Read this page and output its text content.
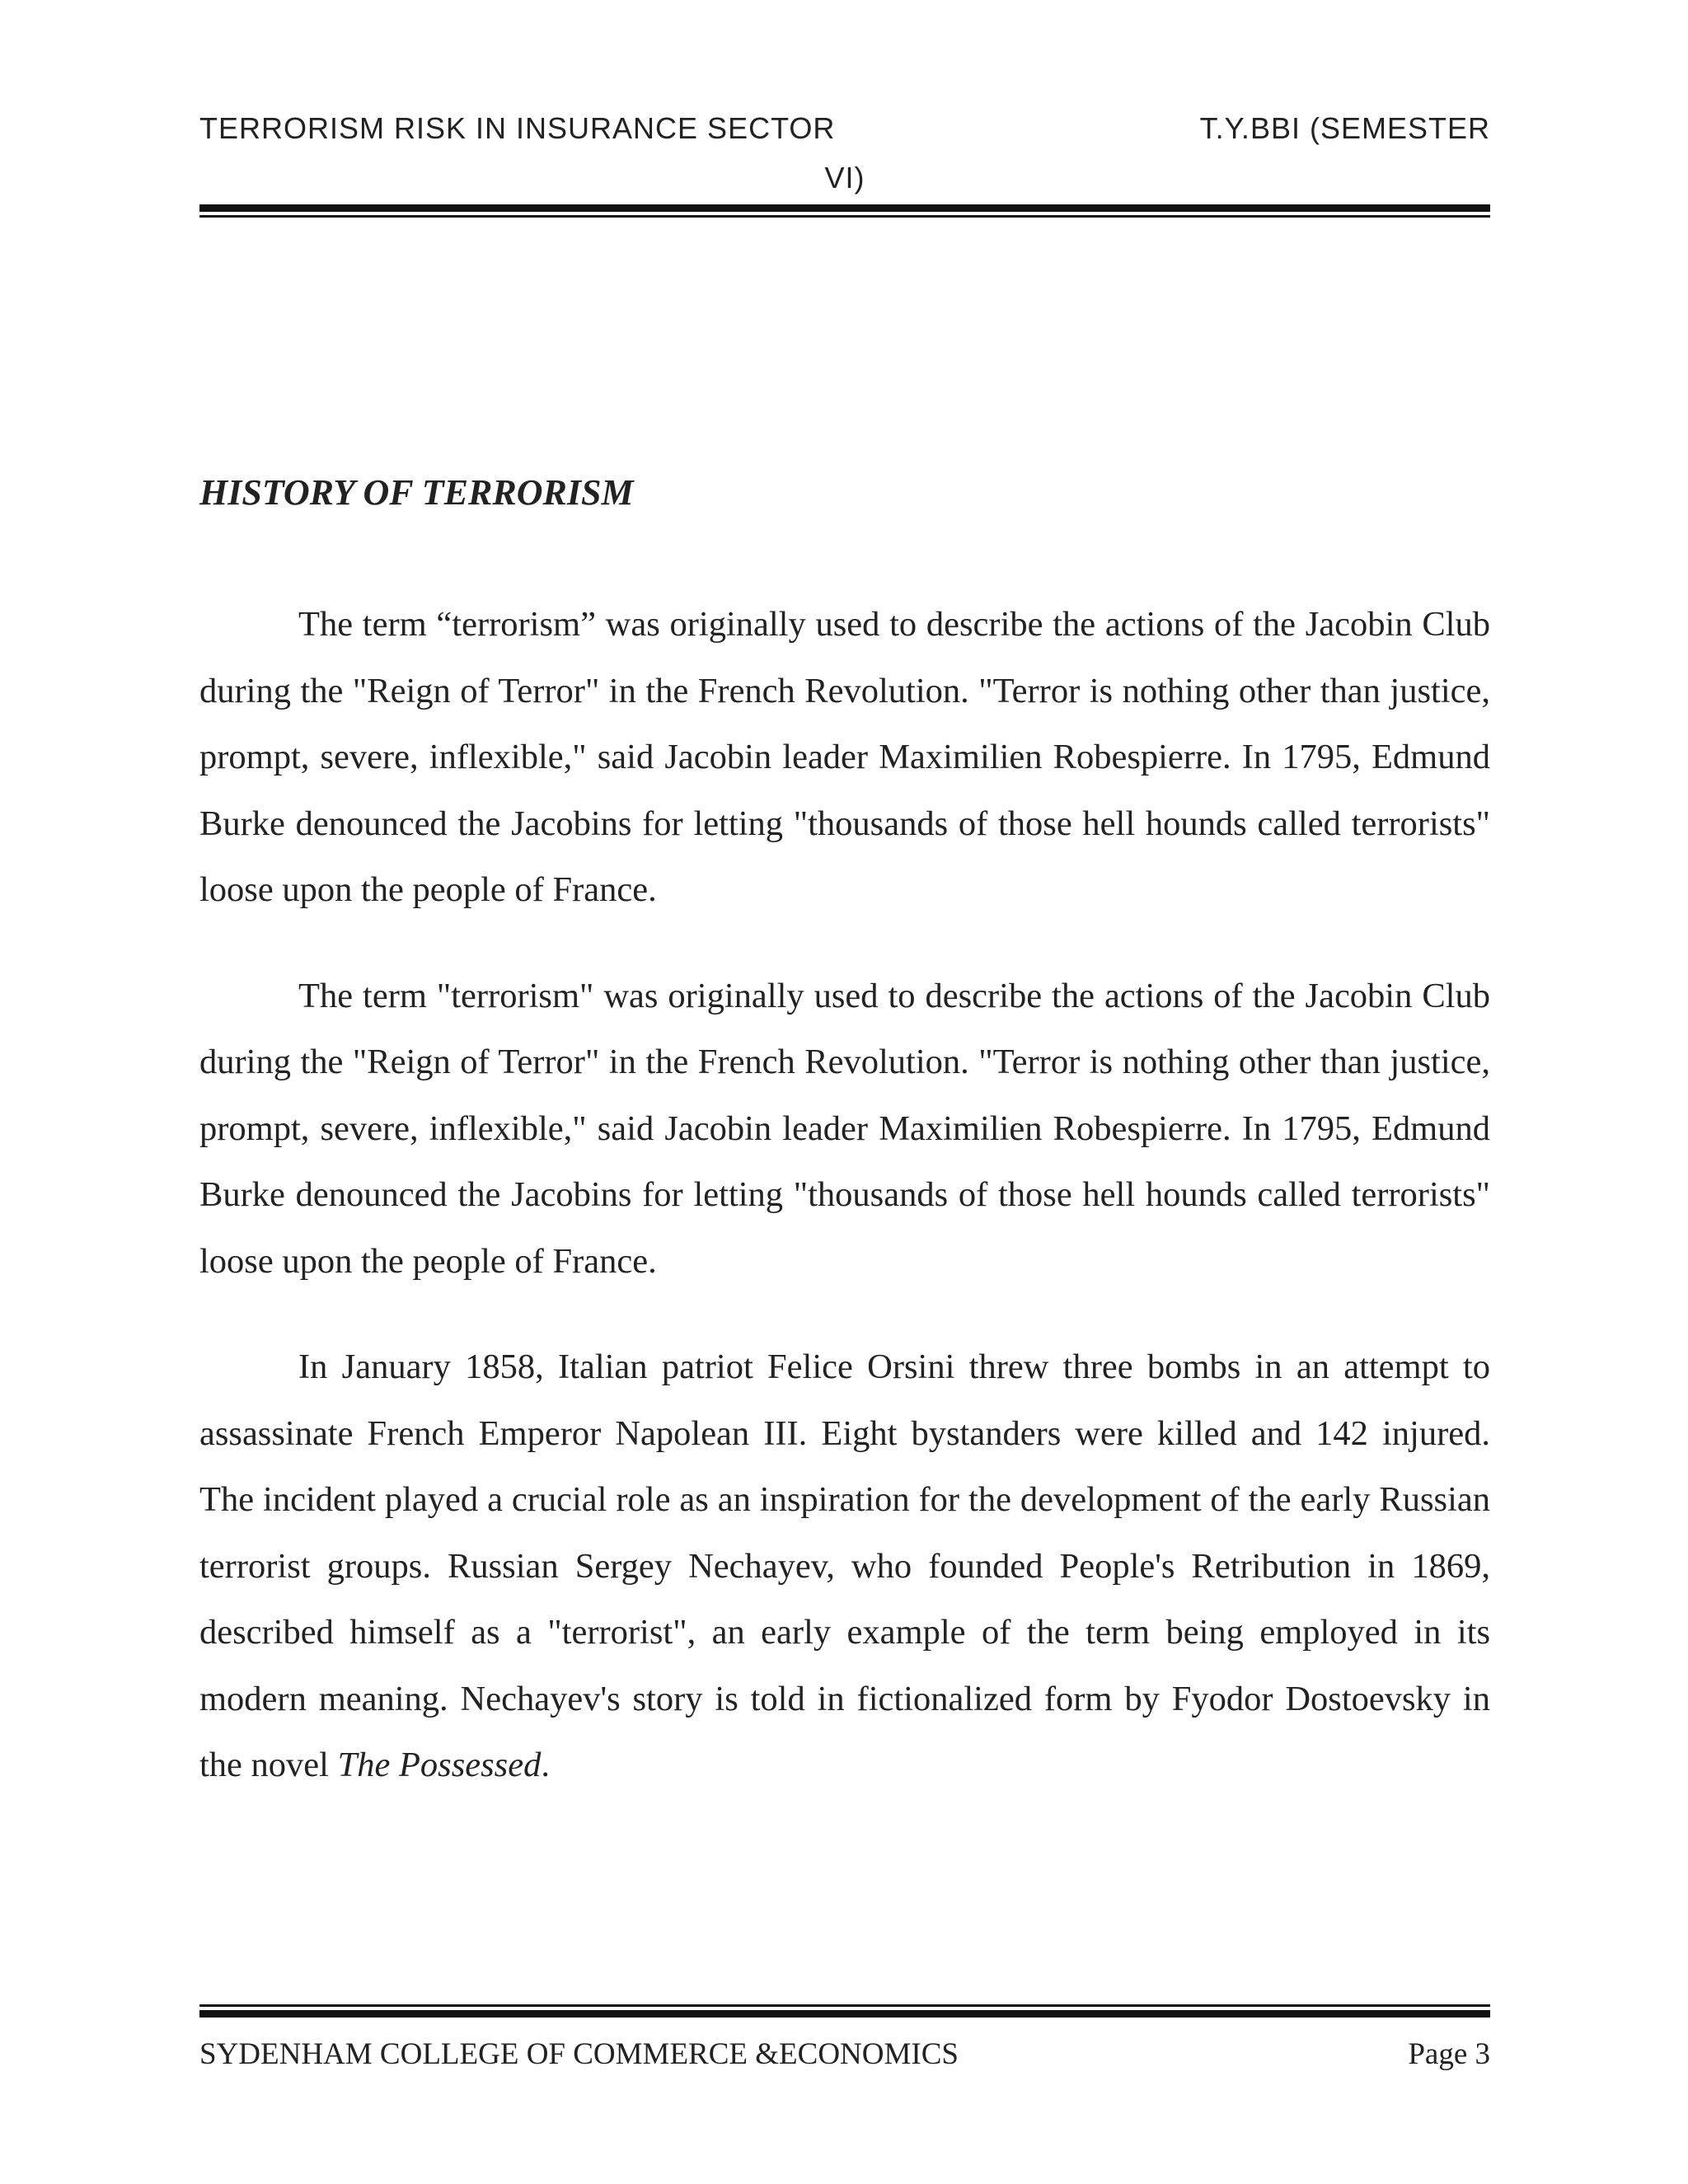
TERRORISM RISK IN INSURANCE SECTOR	T.Y.BBI (SEMESTER
VI)
HISTORY OF TERRORISM

The term “terrorism” was originally used to describe the actions of the Jacobin Club during the "Reign of Terror" in the French Revolution. "Terror is nothing other than justice, prompt, severe, inflexible," said Jacobin leader Maximilien Robespierre. In 1795, Edmund Burke denounced the Jacobins for letting "thousands of those hell hounds called terrorists" loose upon the people of France.

The term "terrorism" was originally used to describe the actions of the Jacobin Club during the "Reign of Terror" in the French Revolution. "Terror is nothing other than justice, prompt, severe, inflexible," said Jacobin leader Maximilien Robespierre. In 1795, Edmund Burke denounced the Jacobins for letting "thousands of those hell hounds called terrorists" loose upon the people of France.

In January 1858, Italian patriot Felice Orsini threw three bombs in an attempt to assassinate French Emperor Napolean III. Eight bystanders were killed and 142 injured. The incident played a crucial role as an inspiration for the development of the early Russian terrorist groups. Russian Sergey Nechayev, who founded People's Retribution in 1869, described himself as a "terrorist", an early example of the term being employed in its modern meaning. Nechayev's story is told in fictionalized form by Fyodor Dostoevsky in the novel The Possessed.

SYDENHAM COLLEGE OF COMMERCE &ECONOMICS	Page 3
